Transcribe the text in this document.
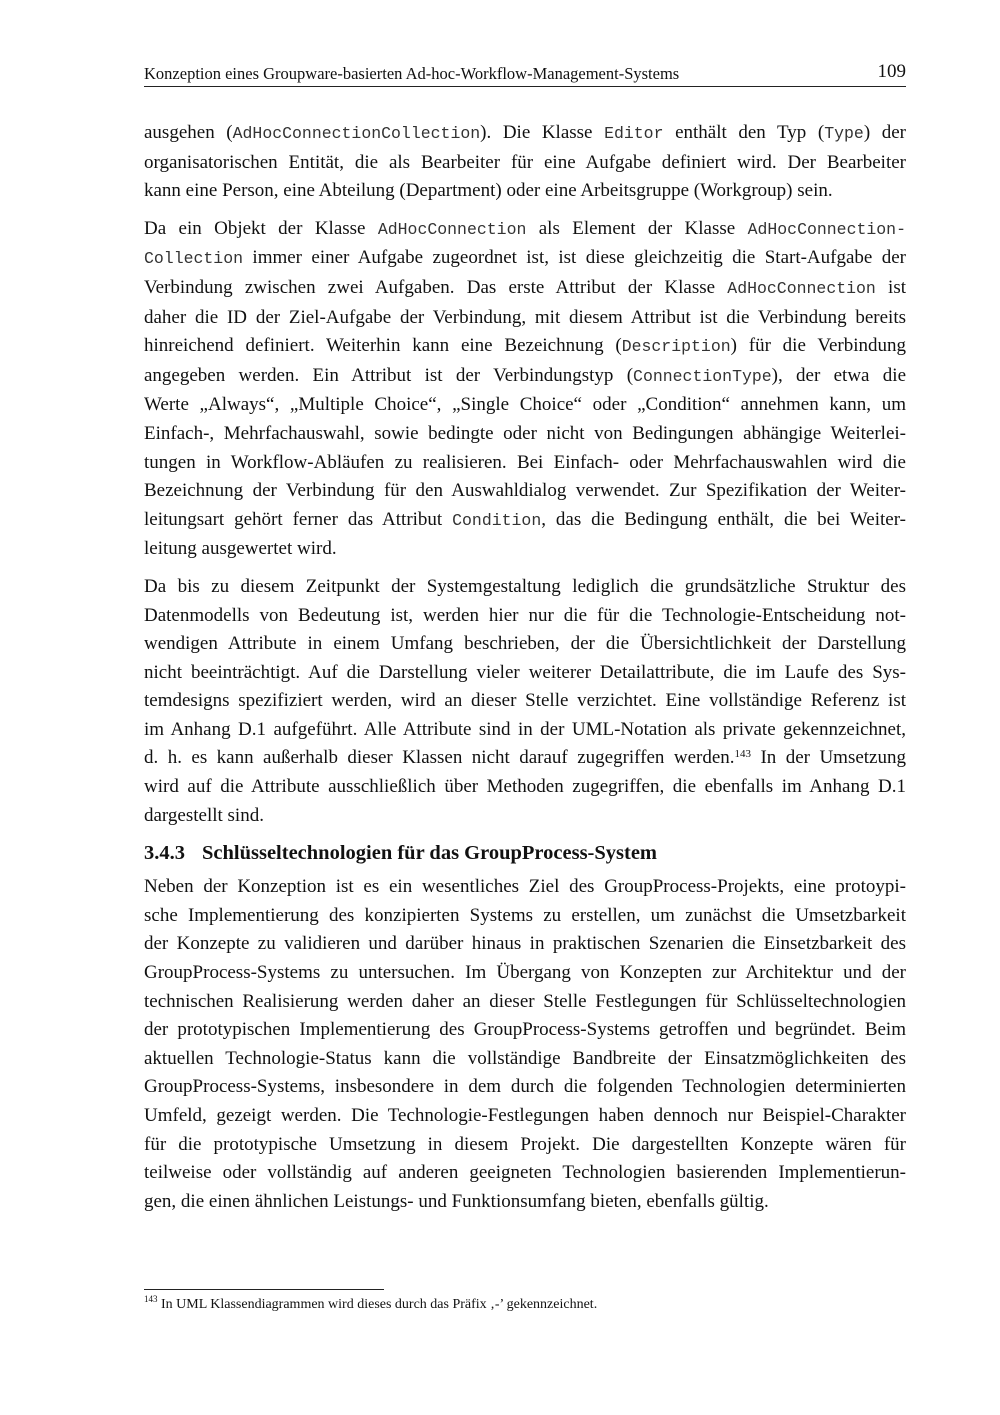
Konzeption eines Groupware-basierten Ad-hoc-Workflow-Management-Systems	109

ausgehen (AdHocConnectionCollection). Die Klasse Editor enthält den Typ (Type) der
organisatorischen Entität, die als Bearbeiter für eine Aufgabe definiert wird. Der Bearbeiter
kann eine Person, eine Abteilung (Department) oder eine Arbeitsgruppe (Workgroup) sein.

Da ein Objekt der Klasse AdHocConnection als Element der Klasse AdHocConnection-
Collection immer einer Aufgabe zugeordnet ist, ist diese gleichzeitig die Start-Aufgabe der
Verbindung zwischen zwei Aufgaben. Das erste Attribut der Klasse AdHocConnection ist
daher die ID der Ziel-Aufgabe der Verbindung, mit diesem Attribut ist die Verbindung bereits
hinreichend definiert. Weiterhin kann eine Bezeichnung (Description) für die Verbindung
angegeben werden. Ein Attribut ist der Verbindungstyp (ConnectionType), der etwa die
Werte „Always“, „Multiple Choice“, „Single Choice“ oder „Condition“ annehmen kann, um
Einfach-, Mehrfachauswahl, sowie bedingte oder nicht von Bedingungen abhängige Weiterlei-
tungen in Workflow-Abläufen zu realisieren. Bei Einfach- oder Mehrfachauswahlen wird die
Bezeichnung der Verbindung für den Auswahldialog verwendet. Zur Spezifikation der Weiter-
leitungsart gehört ferner das Attribut Condition, das die Bedingung enthält, die bei Weiter-
leitung ausgewertet wird.

Da bis zu diesem Zeitpunkt der Systemgestaltung lediglich die grundsätzliche Struktur des
Datenmodells von Bedeutung ist, werden hier nur die für die Technologie-Entscheidung not-
wendigen Attribute in einem Umfang beschrieben, der die Übersichtlichkeit der Darstellung
nicht beeinträchtigt. Auf die Darstellung vieler weiterer Detailattribute, die im Laufe des Sys-
temdesigns spezifiziert werden, wird an dieser Stelle verzichtet. Eine vollständige Referenz ist
im Anhang D.1 aufgeführt. Alle Attribute sind in der UML-Notation als private gekennzeichnet,
d. h. es kann außerhalb dieser Klassen nicht darauf zugegriffen werden.$^{143}$ In der Umsetzung
wird auf die Attribute ausschließlich über Methoden zugegriffen, die ebenfalls im Anhang D.1
dargestellt sind.

3.4.3 Schlüsseltechnologien für das GroupProcess-System

Neben der Konzeption ist es ein wesentliches Ziel des GroupProcess-Projekts, eine protoypi-
sche Implementierung des konzipierten Systems zu erstellen, um zunächst die Umsetzbarkeit
der Konzepte zu validieren und darüber hinaus in praktischen Szenarien die Einsetzbarkeit des
GroupProcess-Systems zu untersuchen. Im Übergang von Konzepten zur Architektur und der
technischen Realisierung werden daher an dieser Stelle Festlegungen für Schlüsseltechnologien
der prototypischen Implementierung des GroupProcess-Systems getroffen und begründet. Beim
aktuellen Technologie-Status kann die vollständige Bandbreite der Einsatzmöglichkeiten des
GroupProcess-Systems, insbesondere in dem durch die folgenden Technologien determinierten
Umfeld, gezeigt werden. Die Technologie-Festlegungen haben dennoch nur Beispiel-Charakter
für die prototypische Umsetzung in diesem Projekt. Die dargestellten Konzepte wären für
teilweise oder vollständig auf anderen geeigneten Technologien basierenden Implementierun-
gen, die einen ähnlichen Leistungs- und Funktionsumfang bieten, ebenfalls gültig.

$^{143}$ In UML Klassendiagrammen wird dieses durch das Präfix ‚-’ gekennzeichnet.
